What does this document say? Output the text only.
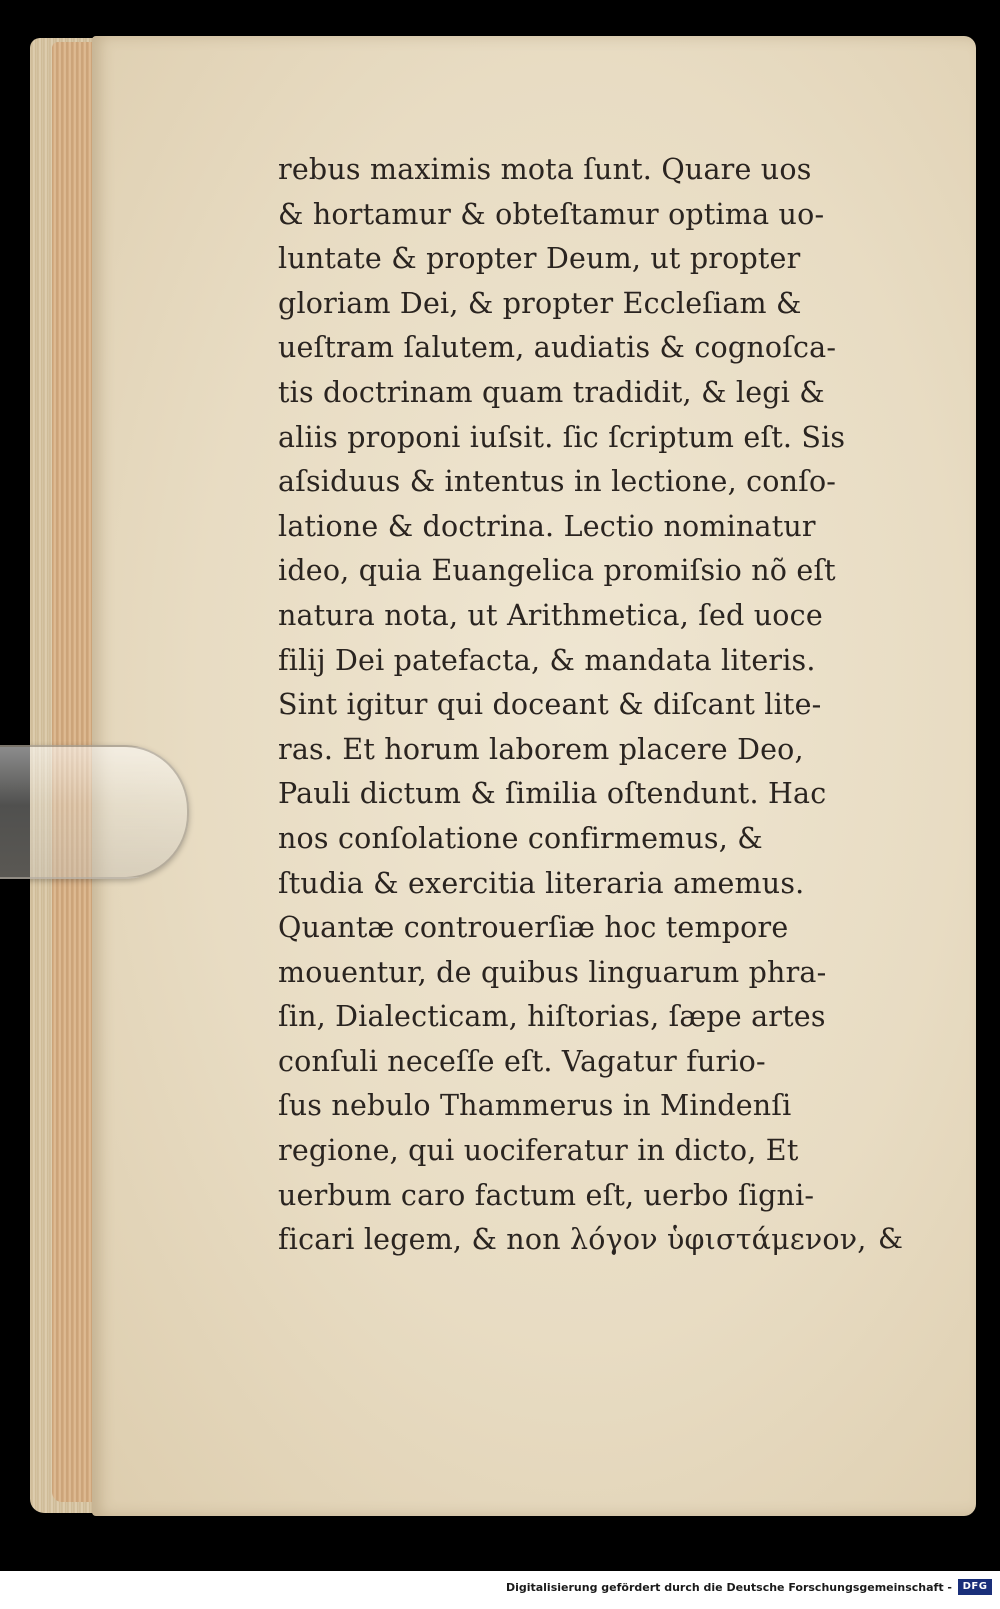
rebus maximis mota ſunt. Quare uos
& hortamur & obteſtamur optima uo-
luntate & propter Deum, ut propter
gloriam Dei, & propter Eccleſiam &
ueſtram ſalutem, audiatis & cognoſca-
tis doctrinam quam tradidit, & legi &
aliis proponi iuſsit. ſic ſcriptum eſt. Sis
aſsiduus & intentus in lectione, conſo-
latione & doctrina. Lectio nominatur
ideo, quia Euangelica promiſsio nõ eſt
natura nota, ut Arithmetica, ſed uoce
filij Dei patefacta, & mandata literis.
Sint igitur qui doceant & diſcant lite-
ras. Et horum laborem placere Deo,
Pauli dictum & ſimilia oſtendunt. Hac
nos conſolatione confirmemus, &
ſtudia & exercitia literaria amemus.
Quantæ controuerſiæ hoc tempore
mouentur, de quibus linguarum phra-
ſin, Dialecticam, hiſtorias, ſæpe artes
conſuli neceſſe eſt. Vagatur furio-
ſus nebulo Thammerus in Mindenſi
regione, qui uociferatur in dicto, Et
uerbum caro factum eſt, uerbo ſigni-
ficari legem, & non λόγον ὑφιστάμενον, &
Digitalisierung gefördert durch die Deutsche Forschungsgemeinschaft -	DFG
